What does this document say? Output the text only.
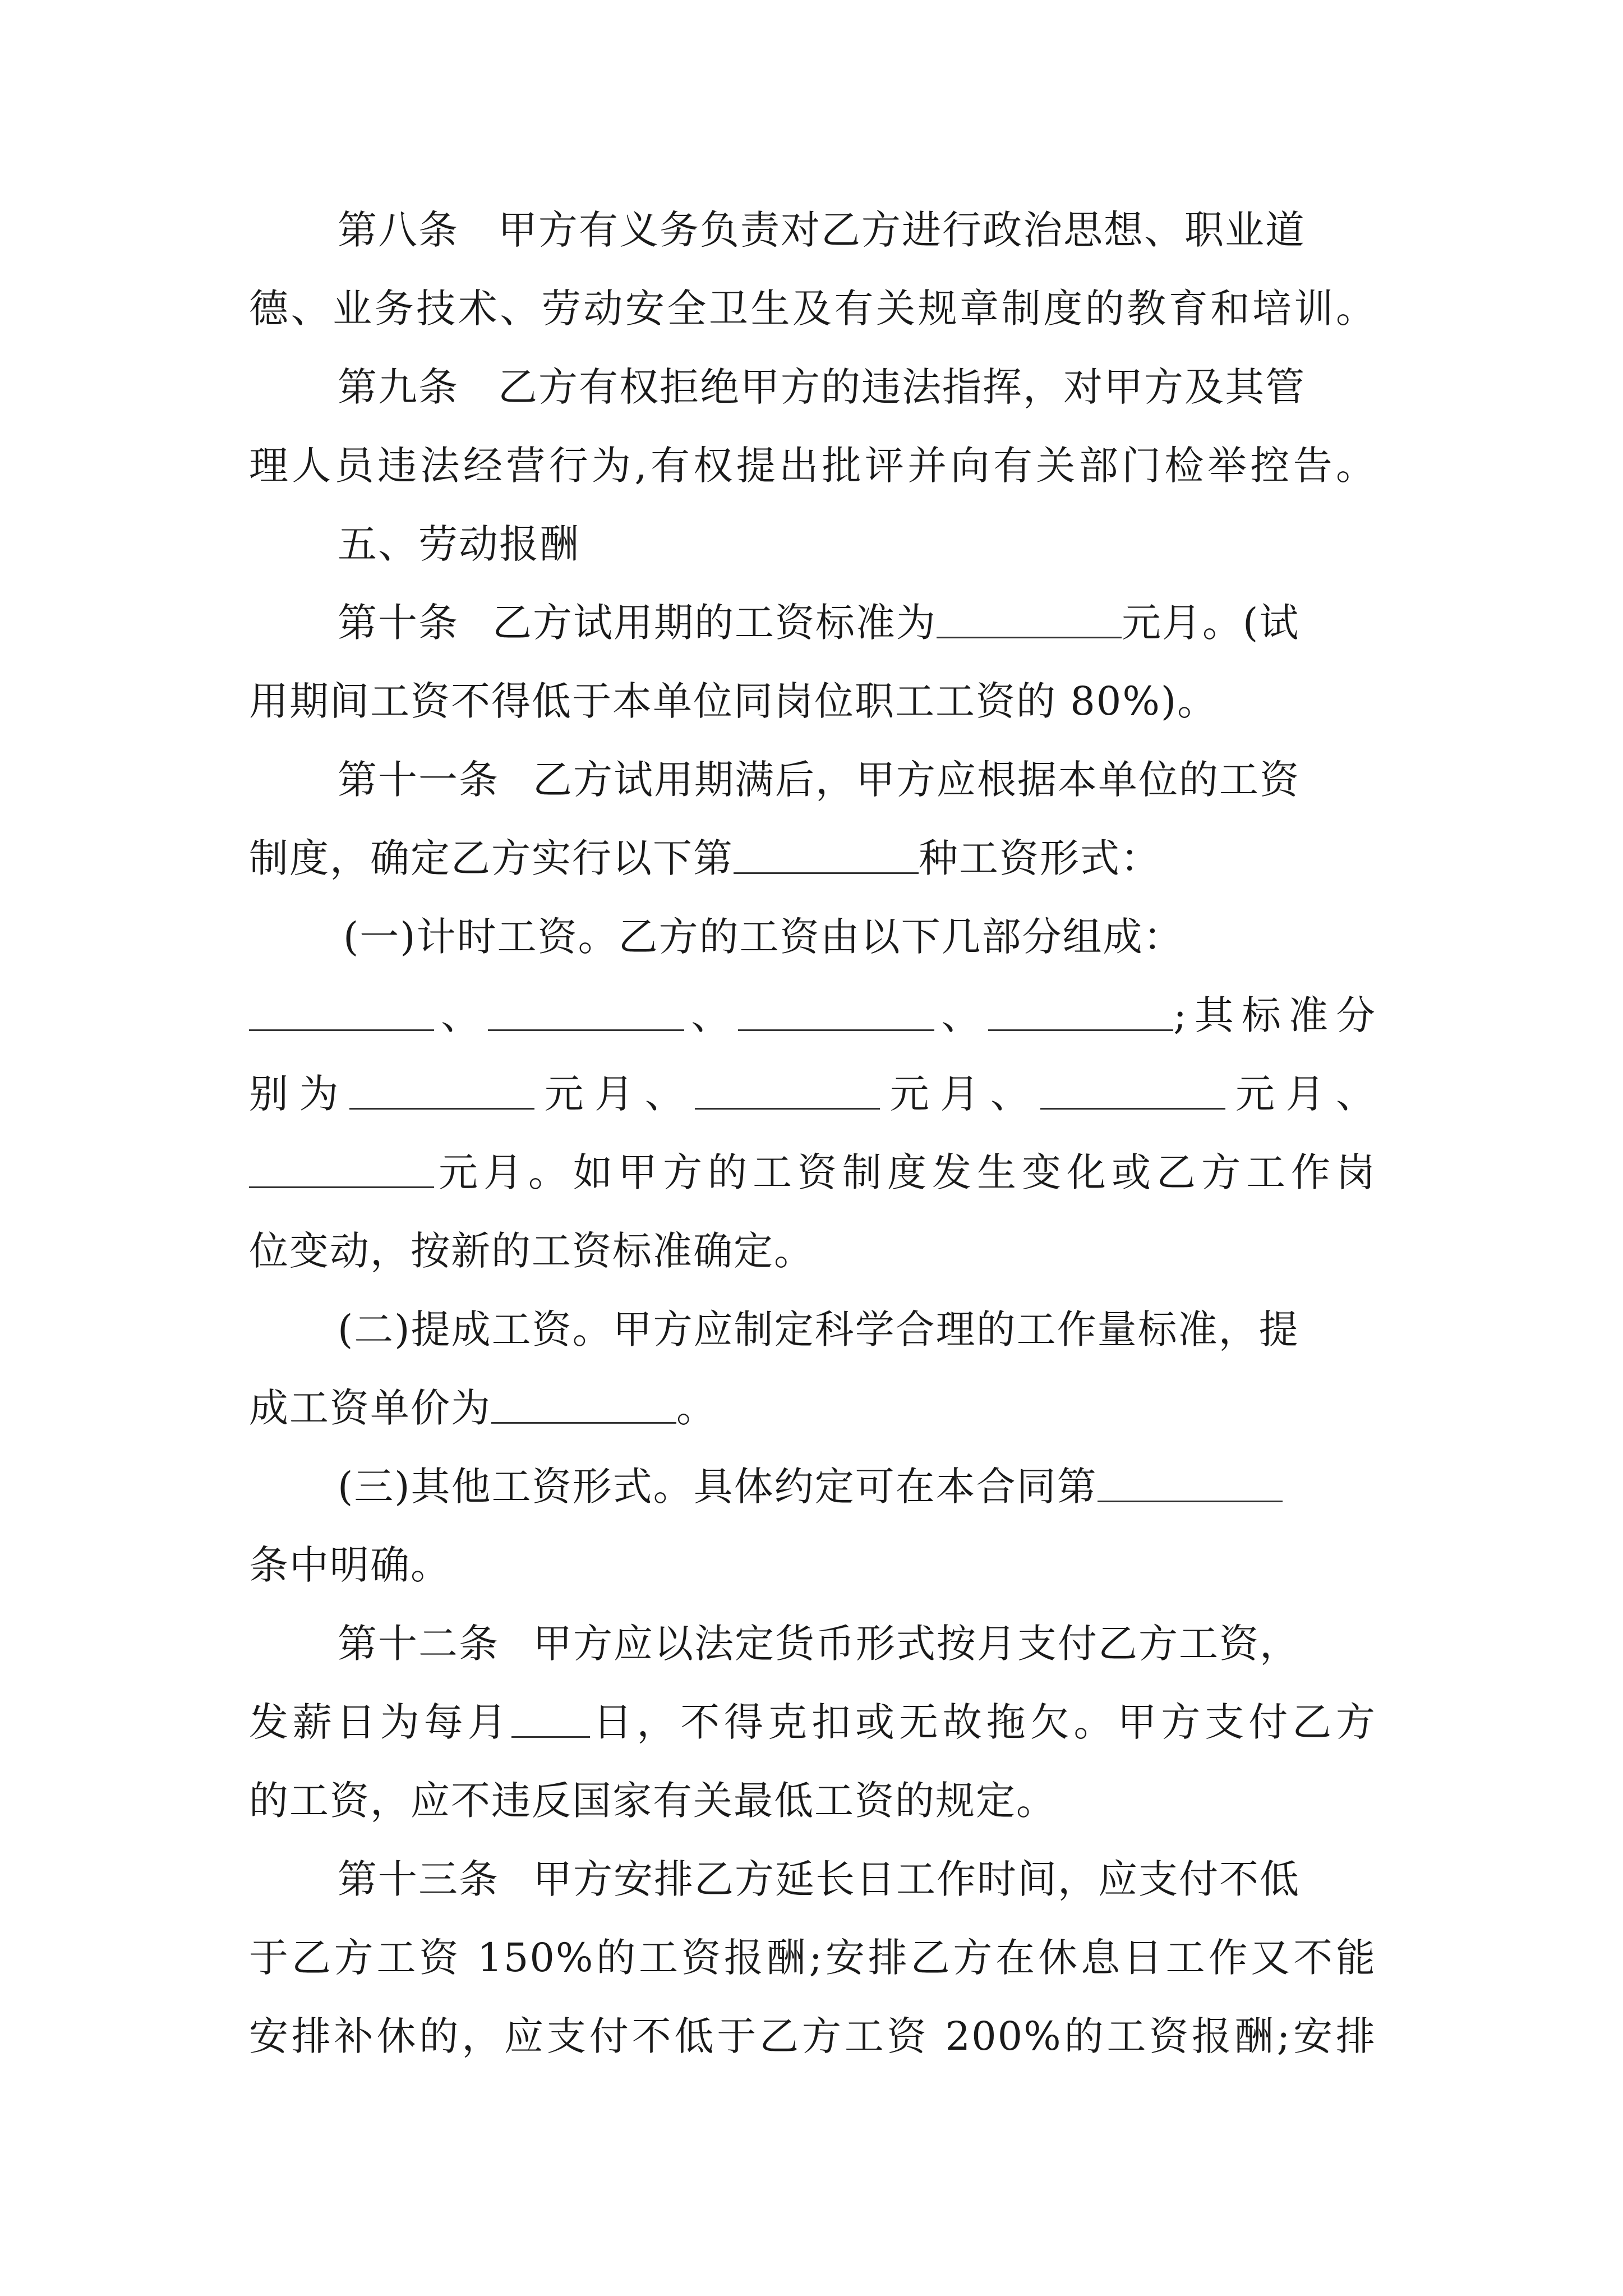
第八条 甲方有义务负责对乙方进行政治思想、职业道
德、业务技术、劳动安全卫生及有关规章制度的教育和培训。
第九条 乙方有权拒绝甲方的违法指挥，对甲方及其管
理人员违法经营行为,有权提出批评并向有关部门检举控告。
五、劳动报酬
第十条 乙方试用期的工资标准为	元月。(试
用期间工资不得低于本单位同岗位职工工资的 80%)。
第十一条 乙方试用期满后，甲方应根据本单位的工资
制度，确定乙方实行以下第	种工资形式：
(一)计时工资。乙方的工资由以下几部分组成：
、	、	、	;其标准分
别为	元月、	元月、	元月、
元月。如甲方的工资制度发生变化或乙方工作岗
位变动，按新的工资标准确定。
(二)提成工资。甲方应制定科学合理的工作量标准，提
成工资单价为	。
(三)其他工资形式。具体约定可在本合同第
条中明确。
第十二条 甲方应以法定货币形式按月支付乙方工资，
发薪日为每月 日，不得克扣或无故拖欠。甲方支付乙方
的工资，应不违反国家有关最低工资的规定。
第十三条 甲方安排乙方延长日工作时间，应支付不低
于乙方工资 150%的工资报酬;安排乙方在休息日工作又不能
安排补休的，应支付不低于乙方工资 200%的工资报酬;安排
